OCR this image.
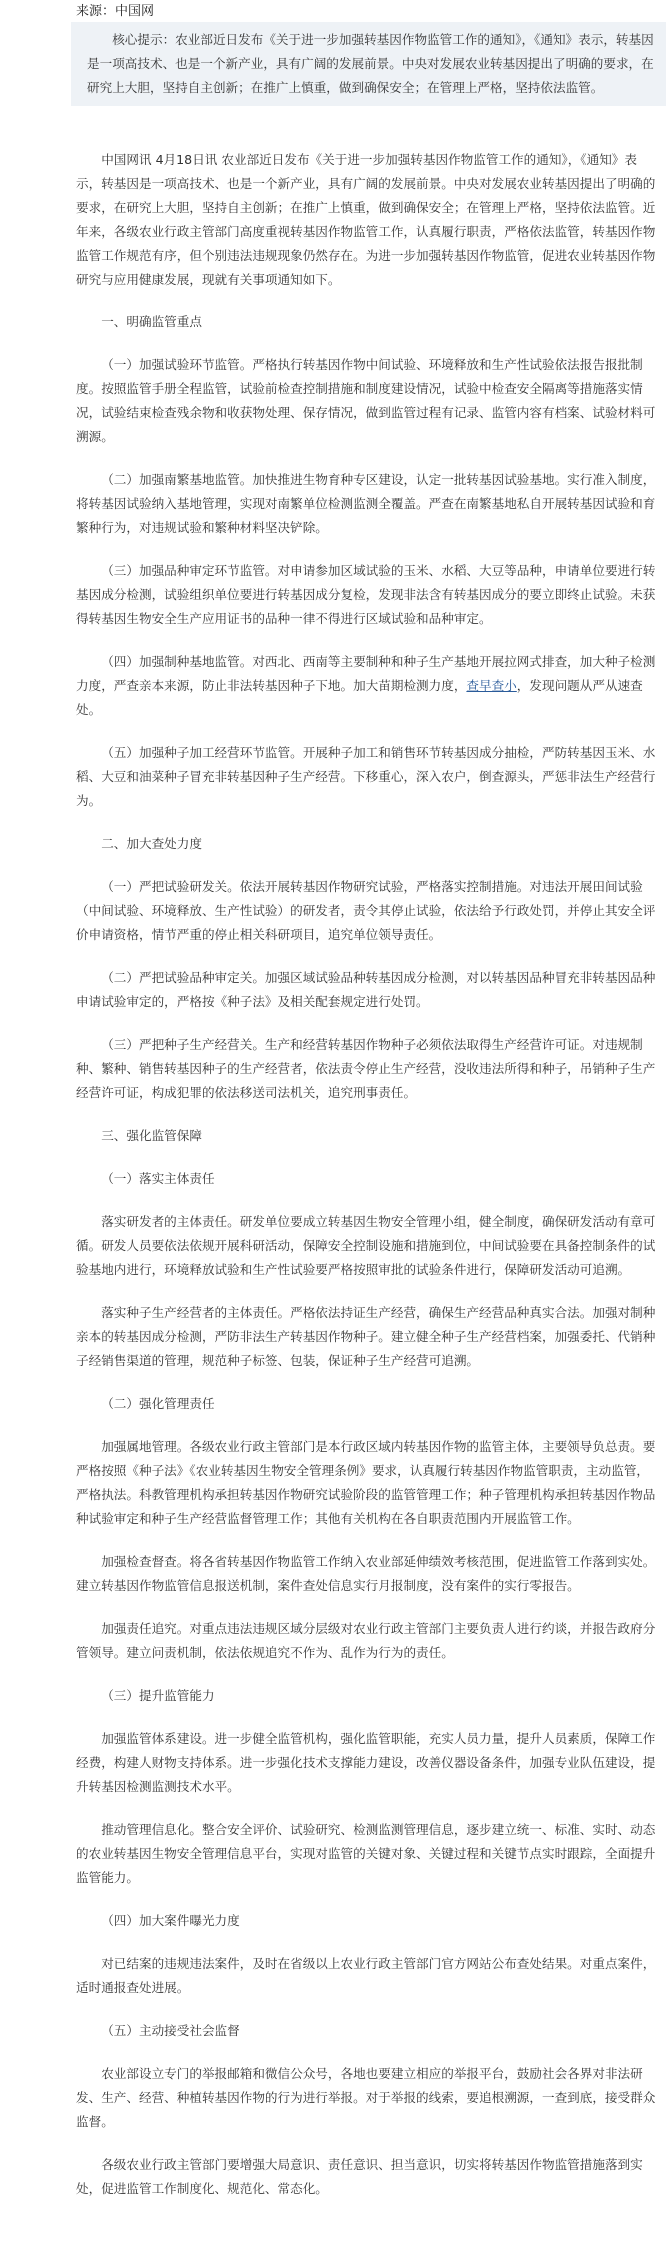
来源：中国网

核心提示：农业部近日发布《关于进一步加强转基因作物监管工作的通知》，《通知》表示，转基因是一项高技术、也是一个新产业，具有广阔的发展前景。中央对发展农业转基因提出了明确的要求，在研究上大胆，坚持自主创新；在推广上慎重，做到确保安全；在管理上严格，坚持依法监管。

中国网讯 4月18日讯 农业部近日发布《关于进一步加强转基因作物监管工作的通知》，《通知》表示，转基因是一项高技术、也是一个新产业，具有广阔的发展前景。中央对发展农业转基因提出了明确的要求，在研究上大胆，坚持自主创新；在推广上慎重，做到确保安全；在管理上严格，坚持依法监管。近年来，各级农业行政主管部门高度重视转基因作物监管工作，认真履行职责，严格依法监管，转基因作物监管工作规范有序，但个别违法违规现象仍然存在。为进一步加强转基因作物监管，促进农业转基因作物研究与应用健康发展，现就有关事项通知如下。

一、明确监管重点

（一）加强试验环节监管。严格执行转基因作物中间试验、环境释放和生产性试验依法报告报批制度。按照监管手册全程监管，试验前检查控制措施和制度建设情况，试验中检查安全隔离等措施落实情况，试验结束检查残余物和收获物处理、保存情况，做到监管过程有记录、监管内容有档案、试验材料可溯源。

（二）加强南繁基地监管。加快推进生物育种专区建设，认定一批转基因试验基地。实行准入制度，将转基因试验纳入基地管理，实现对南繁单位检测监测全覆盖。严查在南繁基地私自开展转基因试验和育繁种行为，对违规试验和繁种材料坚决铲除。

（三）加强品种审定环节监管。对申请参加区域试验的玉米、水稻、大豆等品种，申请单位要进行转基因成分检测，试验组织单位要进行转基因成分复检，发现非法含有转基因成分的要立即终止试验。未获得转基因生物安全生产应用证书的品种一律不得进行区域试验和品种审定。

（四）加强制种基地监管。对西北、西南等主要制种和种子生产基地开展拉网式排查，加大种子检测力度，严查亲本来源，防止非法转基因种子下地。加大苗期检测力度，查早查小，发现问题从严从速查处。

（五）加强种子加工经营环节监管。开展种子加工和销售环节转基因成分抽检，严防转基因玉米、水稻、大豆和油菜种子冒充非转基因种子生产经营。下移重心，深入农户，倒查源头，严惩非法生产经营行为。

二、加大查处力度

（一）严把试验研发关。依法开展转基因作物研究试验，严格落实控制措施。对违法开展田间试验（中间试验、环境释放、生产性试验）的研发者，责令其停止试验，依法给予行政处罚，并停止其安全评价申请资格，情节严重的停止相关科研项目，追究单位领导责任。

（二）严把试验品种审定关。加强区域试验品种转基因成分检测，对以转基因品种冒充非转基因品种申请试验审定的，严格按《种子法》及相关配套规定进行处罚。

（三）严把种子生产经营关。生产和经营转基因作物种子必须依法取得生产经营许可证。对违规制种、繁种、销售转基因种子的生产经营者，依法责令停止生产经营，没收违法所得和种子，吊销种子生产经营许可证，构成犯罪的依法移送司法机关，追究刑事责任。

三、强化监管保障

（一）落实主体责任

落实研发者的主体责任。研发单位要成立转基因生物安全管理小组，健全制度，确保研发活动有章可循。研发人员要依法依规开展科研活动，保障安全控制设施和措施到位，中间试验要在具备控制条件的试验基地内进行，环境释放试验和生产性试验要严格按照审批的试验条件进行，保障研发活动可追溯。

落实种子生产经营者的主体责任。严格依法持证生产经营，确保生产经营品种真实合法。加强对制种亲本的转基因成分检测，严防非法生产转基因作物种子。建立健全种子生产经营档案，加强委托、代销种子经销售渠道的管理，规范种子标签、包装，保证种子生产经营可追溯。

（二）强化管理责任

加强属地管理。各级农业行政主管部门是本行政区域内转基因作物的监管主体，主要领导负总责。要严格按照《种子法》《农业转基因生物安全管理条例》要求，认真履行转基因作物监管职责，主动监管，严格执法。科教管理机构承担转基因作物研究试验阶段的监管管理工作；种子管理机构承担转基因作物品种试验审定和种子生产经营监督管理工作；其他有关机构在各自职责范围内开展监管工作。

加强检查督查。将各省转基因作物监管工作纳入农业部延伸绩效考核范围，促进监管工作落到实处。建立转基因作物监管信息报送机制，案件查处信息实行月报制度，没有案件的实行零报告。

加强责任追究。对重点违法违规区域分层级对农业行政主管部门主要负责人进行约谈，并报告政府分管领导。建立问责机制，依法依规追究不作为、乱作为行为的责任。

（三）提升监管能力

加强监管体系建设。进一步健全监管机构，强化监管职能，充实人员力量，提升人员素质，保障工作经费，构建人财物支持体系。进一步强化技术支撑能力建设，改善仪器设备条件，加强专业队伍建设，提升转基因检测监测技术水平。

推动管理信息化。整合安全评价、试验研究、检测监测管理信息，逐步建立统一、标准、实时、动态的农业转基因生物安全管理信息平台，实现对监管的关键对象、关键过程和关键节点实时跟踪，全面提升监管能力。

（四）加大案件曝光力度

对已结案的违规违法案件，及时在省级以上农业行政主管部门官方网站公布查处结果。对重点案件，适时通报查处进展。

（五）主动接受社会监督

农业部设立专门的举报邮箱和微信公众号，各地也要建立相应的举报平台，鼓励社会各界对非法研发、生产、经营、种植转基因作物的行为进行举报。对于举报的线索，要追根溯源，一查到底，接受群众监督。

各级农业行政主管部门要增强大局意识、责任意识、担当意识，切实将转基因作物监管措施落到实处，促进监管工作制度化、规范化、常态化。
